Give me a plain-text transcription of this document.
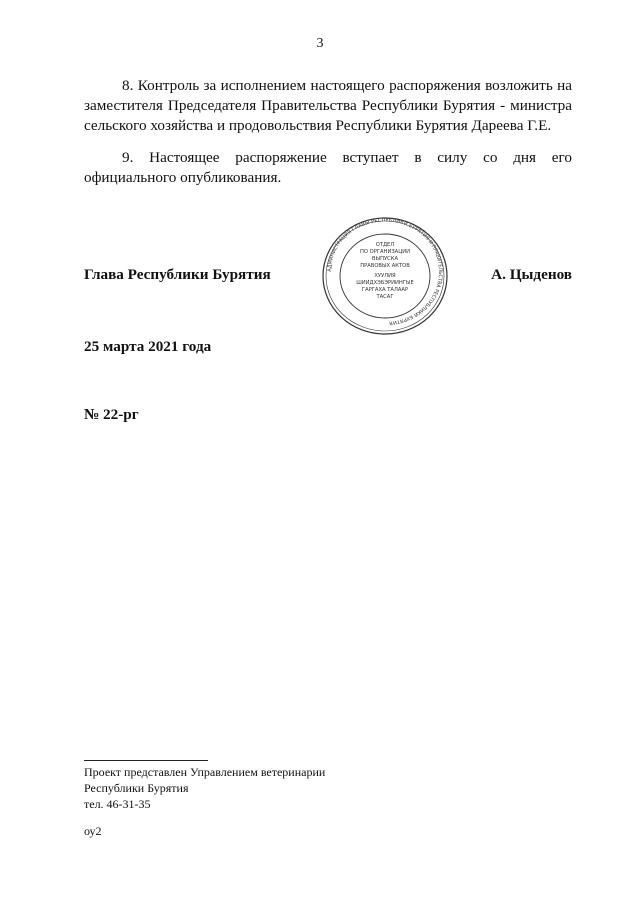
3

8. Контроль за исполнением настоящего распоряжения возложить на заместителя Председателя Правительства Республики Бурятия - министра сельского хозяйства и продовольствия Республики Бурятия Дареева Г.Е.

9. Настоящее распоряжение вступает в силу со дня его официального опубликования.

Глава Республики Бурятия	А. Цыденов
АДМИНИСТРАЦИЯ ГЛАВЫ РЕСПУБЛИКИ БУРЯТИЯ И ПРАВИТЕЛЬСТВА РЕСПУБЛИКИ БУРЯТИЯ
ОТДЕЛ
ПО ОРГАНИЗАЦИИ
ВЫПУСКА
ПРАВОВЫХ АКТОВ
ХУУЛИЯ
ШИИДХЭБЭРИИНГЫЕ
ГАРГАХА ТАЛААР
ТАСАГ
25 марта 2021 года
№ 22-рг
Проект представлен Управлением ветеринарии
Республики Бурятия
тел. 46-31-35
оу2
